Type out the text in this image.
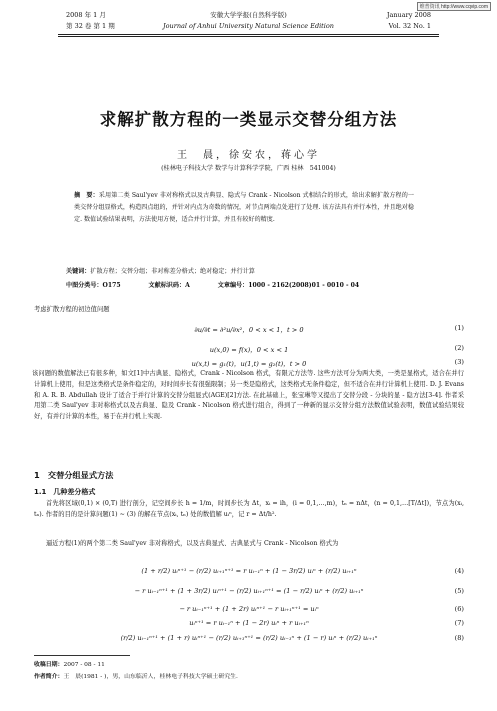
维普资讯 http://www.cqvip.com
2008 年 1 月
第 32 卷 第 1 期
安徽大学学报(自然科学版)
Journal of Anhui University Natural Science Edition
January 2008
Vol. 32 No. 1
求解扩散方程的一类显示交替分组方法
王　晨，徐安农，蒋心学
(桂林电子科技大学 数学与计算科学学院，广西 桂林　541004)
摘　要：采用第二类 Saul'yev 非对称格式以及古典显、隐式与 Crank - Nicolson 式相结合的形式，给出求解扩散方程的一类交替分组显格式，构造四点组的，并针对内点为奇数的情况，对节点两端点处进行了处理. 该方法具有并行本性，并且绝对稳定. 数值试验结果表明，方法使用方便，适合并行计算，并且有较好的精度.
关键词：扩散方程；交替分组；非对称差分格式；绝对稳定；并行计算
中图分类号：O175	文献标识码：A	文章编号：1000 - 2162(2008)01 - 0010 - 04
考虑扩散方程的初边值问题
∂u/∂t = ∂²u/∂x²，0 < x < 1，t > 0	(1)
u(x,0) = f(x)，0 < x < 1	(2)
u(x,t) = g₁(t)，u(1,t) = g₂(t)，t > 0	(3)
该问题的数值解法已有很多种，如文[1]中古典显、隐格式，Crank - Nicolson 格式，有限元方法等. 这些方法可分为两大类，一类是显格式，适合在并行计算机上使用，但是这类格式是条件稳定的，对时间步长有很强限制；另一类是隐格式，这类格式无条件稳定，但不适合在并行计算机上使用. D. J. Evans 和 A. R. B. Abdullah 设计了适合于并行计算的交替分组显式(AGE)[2]方法. 在此基础上，张宝琳等又提出了交替分段 - 分块的显 - 隐方法[3-4]. 作者采用第二类 Saul'yev 非对称格式以及古典显、隐及 Crank - Nicolson 格式进行组合，得到了一种新的显示交替分组方法数值试验表明，数值试验结果较好，有并行计算的本性，易于在并行机上实现.
1　交替分组显式方法
1.1　几种差分格式
首先将区域(0,1) × (0,T) 进行剖分，记空间步长 h = 1/m，时间步长为 Δt，xᵢ = ih，(i = 0,1,…,m)，tₙ = nΔt，(n = 0,1,…[T/Δt])，节点为(xᵢ, tₙ). 作者的目的是计算问题(1) ~ (3) 的解在节点(xᵢ, tₙ) 处的数值解 uᵢⁿ，记 r = Δt/h².
逼近方程(1)的两个第二类 Saul'yev 非对称格式，以及古典显式、古典显式与 Crank - Nicolson 格式为
(1 + r/2) uᵢⁿ⁺¹ − (r/2) uᵢ₊₁ⁿ⁺¹ = r uᵢ₋₁ⁿ + (1 − 3r/2) uᵢⁿ + (r/2) uᵢ₊₁ⁿ	(4)
− r uᵢ₋₁ⁿ⁺¹ + (1 + 3r/2) uᵢⁿ⁺¹ − (r/2) uᵢ₊₁ⁿ⁺¹ = (1 − r/2) uᵢⁿ + (r/2) uᵢ₊₁ⁿ	(5)
− r uᵢ₋₁ⁿ⁺¹ + (1 + 2r) uᵢⁿ⁺¹ − r uᵢ₊₁ⁿ⁺¹ = uᵢⁿ	(6)
uᵢⁿ⁺¹ = r uᵢ₋₁ⁿ + (1 − 2r) uᵢⁿ + r uᵢ₊₁ⁿ	(7)
(r/2) uᵢ₋₁ⁿ⁺¹ + (1 + r) uᵢⁿ⁺¹ − (r/2) uᵢ₊₁ⁿ⁺¹ = (r/2) uᵢ₋₁ⁿ + (1 − r) uᵢⁿ + (r/2) uᵢ₊₁ⁿ	(8)
收稿日期：2007 - 08 - 11
作者简介：王　晨(1981 - )，男，山东临沂人，桂林电子科技大学硕士研究生.
